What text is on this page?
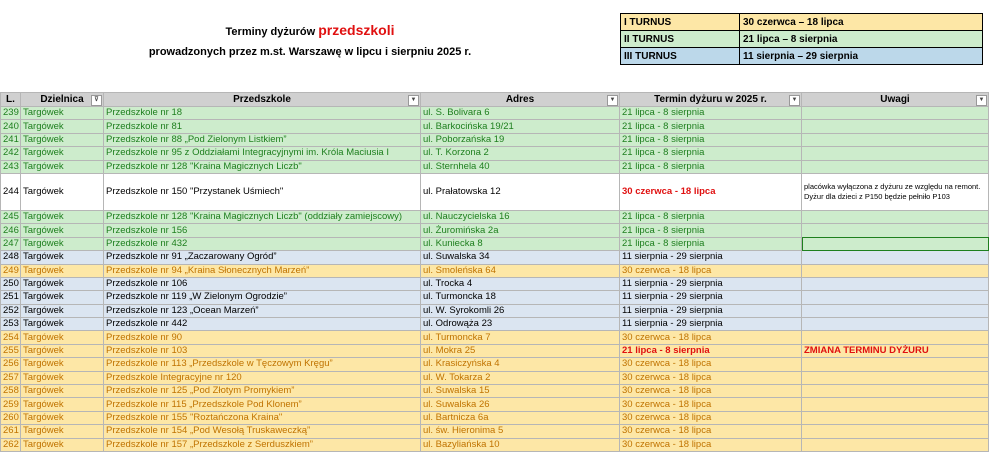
Terminy dyżurów przedszkoli
prowadzonych przez m.st. Warszawę w lipcu i sierpniu 2025 r.
I TURNUS	30 czerwca – 18 lipca
II TURNUS	21 lipca – 8 sierpnia
III TURNUS	11 sierpnia – 29 sierpnia
L.	Dzielnica ⊽	Przedszkole ▼	Adres ▼	Termin dyżuru w 2025 r. ▼	Uwagi ▼

239	Targówek	Przedszkole nr 18	ul. S. Bolivara 6	21 lipca - 8 sierpnia	
240	Targówek	Przedszkole nr 81	ul. Barkocińska 19/21	21 lipca - 8 sierpnia	
241	Targówek	Przedszkole nr 88 „Pod Zielonym Listkiem”	ul. Poborzańska 19	21 lipca - 8 sierpnia	
242	Targówek	Przedszkole nr 95 z Oddziałami Integracyjnymi im. Króla Maciusia I	ul. T. Korzona 2	21 lipca - 8 sierpnia	
243	Targówek	Przedszkole nr 128 "Kraina Magicznych Liczb"	ul. Sternhela 40	21 lipca - 8 sierpnia	
244	Targówek	Przedszkole nr 150 "Przystanek Uśmiech"	ul. Prałatowska 12	30 czerwca - 18 lipca	placówka wyłączona z dyżuru ze względu na remont. Dyżur dla dzieci z P150 będzie pełniło P103
245	Targówek	Przedszkole nr 128 "Kraina Magicznych Liczb" (oddziały zamiejscowy)	ul. Nauczycielska 16	21 lipca - 8 sierpnia	
246	Targówek	Przedszkole nr 156	ul. Żuromińska 2a	21 lipca - 8 sierpnia	
247	Targówek	Przedszkole nr 432	ul. Kuniecka 8	21 lipca - 8 sierpnia	
248	Targówek	Przedszkole nr 91 „Zaczarowany Ogród”	ul. Suwalska 34	11 sierpnia - 29 sierpnia	
249	Targówek	Przedszkole nr 94 „Kraina Słonecznych Marzeń”	ul. Smoleńska 64	30 czerwca - 18 lipca	
250	Targówek	Przedszkole nr 106	ul. Trocka 4	11 sierpnia - 29 sierpnia	
251	Targówek	Przedszkole nr 119 „W Zielonym Ogrodzie”	ul. Turmoncka 18	11 sierpnia - 29 sierpnia	
252	Targówek	Przedszkole nr 123 „Ocean Marzeń”	ul. W. Syrokomli 26	11 sierpnia - 29 sierpnia	
253	Targówek	Przedszkole nr 442	ul. Odrowąża 23	11 sierpnia - 29 sierpnia	
254	Targówek	Przedszkole nr 90	ul. Turmoncka 7	30 czerwca - 18 lipca	
255	Targówek	Przedszkole nr 103	ul. Mokra 25	21 lipca - 8 sierpnia	ZMIANA TERMINU DYŻURU
256	Targówek	Przedszkole nr 113 „Przedszkole w Tęczowym Kręgu”	ul. Krasiczyńska 4	30 czerwca - 18 lipca	
257	Targówek	Przedszkole Integracyjne nr 120	ul. W. Tokarza 2	30 czerwca - 18 lipca	
258	Targówek	Przedszkole nr 125 „Pod Złotym Promykiem”	ul. Suwalska 15	30 czerwca - 18 lipca	
259	Targówek	Przedszkole nr 115 „Przedszkole Pod Klonem”	ul. Suwalska 26	30 czerwca - 18 lipca	
260	Targówek	Przedszkole nr 155 "Roztańczona Kraina"	ul. Bartnicza 6a	30 czerwca - 18 lipca	
261	Targówek	Przedszkole nr 154 „Pod Wesołą Truskaweczką”	ul. św. Hieronima 5	30 czerwca - 18 lipca	
262	Targówek	Przedszkole nr 157 „Przedszkole z Serduszkiem”	ul. Bazyliańska 10	30 czerwca - 18 lipca	
